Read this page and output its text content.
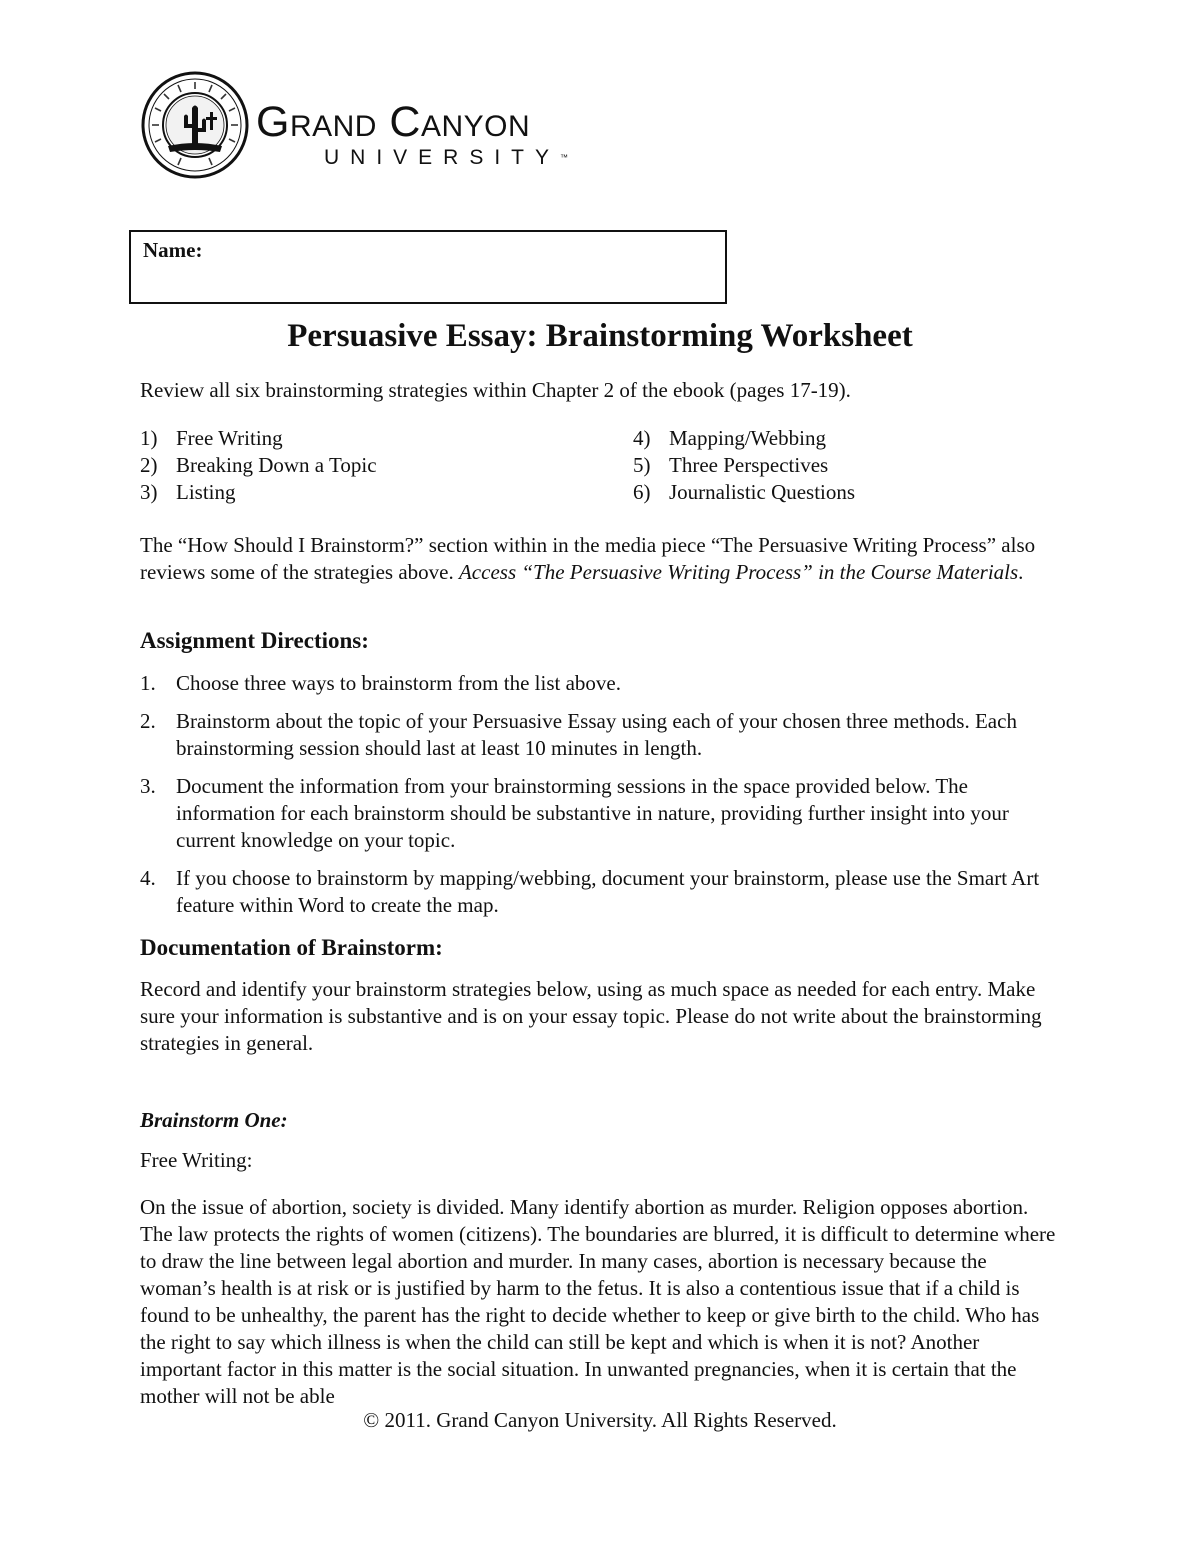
Grand Canyon
UNIVERSITY™
Name:
Persuasive Essay: Brainstorming Worksheet
Review all six brainstorming strategies within Chapter 2 of the ebook (pages 17-19).
1) Free Writing
2) Breaking Down a Topic
3) Listing
4) Mapping/Webbing
5) Three Perspectives
6) Journalistic Questions
The “How Should I Brainstorm?” section within in the media piece “The Persuasive Writing Process” also reviews some of the strategies above. Access “The Persuasive Writing Process” in the Course Materials.
Assignment Directions:
1. Choose three ways to brainstorm from the list above.
2. Brainstorm about the topic of your Persuasive Essay using each of your chosen three methods. Each brainstorming session should last at least 10 minutes in length.
3. Document the information from your brainstorming sessions in the space provided below. The information for each brainstorm should be substantive in nature, providing further insight into your current knowledge on your topic.
4. If you choose to brainstorm by mapping/webbing, document your brainstorm, please use the Smart Art feature within Word to create the map.
Documentation of Brainstorm:
Record and identify your brainstorm strategies below, using as much space as needed for each entry. Make sure your information is substantive and is on your essay topic. Please do not write about the brainstorming strategies in general.
Brainstorm One:
Free Writing:
On the issue of abortion, society is divided. Many identify abortion as murder. Religion opposes abortion. The law protects the rights of women (citizens). The boundaries are blurred, it is difficult to determine where to draw the line between legal abortion and murder. In many cases, abortion is necessary because the woman’s health is at risk or is justified by harm to the fetus. It is also a contentious issue that if a child is found to be unhealthy, the parent has the right to decide whether to keep or give birth to the child. Who has the right to say which illness is when the child can still be kept and which is when it is not? Another important factor in this matter is the social situation. In unwanted pregnancies, when it is certain that the mother will not be able
© 2011. Grand Canyon University. All Rights Reserved.
